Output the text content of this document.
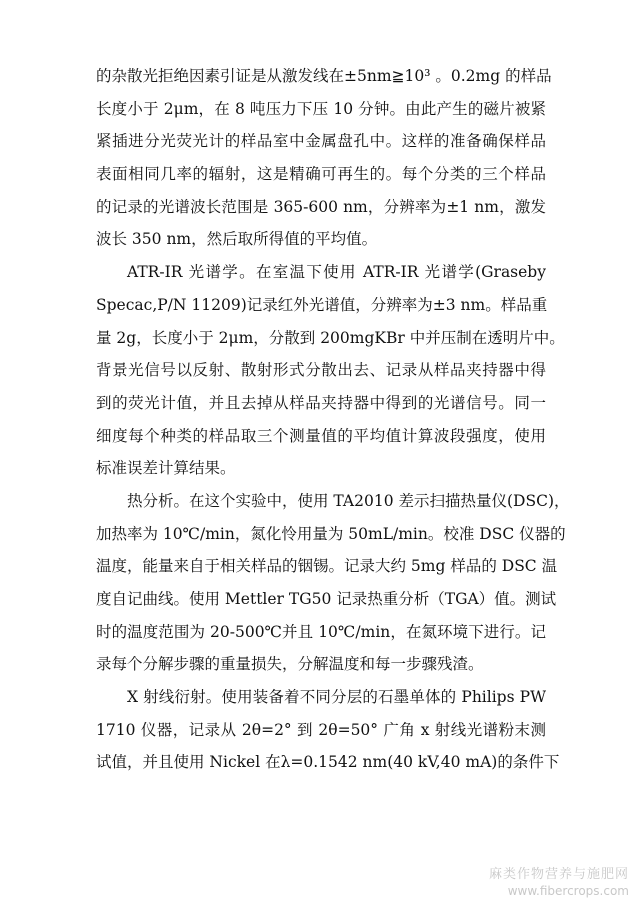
的杂散光拒绝因素引证是从激发线在±5nm≧10³ 。0.2mg 的样品
长度小于 2μm，在 8 吨压力下压 10 分钟。由此产生的磁片被紧
紧插进分光荧光计的样品室中金属盘孔中。这样的准备确保样品
表面相同几率的辐射，这是精确可再生的。每个分类的三个样品
的记录的光谱波长范围是 365-600 nm，分辨率为±1 nm，激发
波长 350 nm，然后取所得值的平均值。
ATR-IR 光谱学。在室温下使用 ATR-IR 光谱学(Graseby
Specac,P/N 11209)记录红外光谱值，分辨率为±3 nm。样品重
量 2g，长度小于 2μm，分散到 200mgKBr 中并压制在透明片中。
背景光信号以反射、散射形式分散出去、记录从样品夹持器中得
到的荧光计值，并且去掉从样品夹持器中得到的光谱信号。同一
细度每个种类的样品取三个测量值的平均值计算波段强度，使用
标准误差计算结果。
热分析。在这个实验中，使用 TA2010 差示扫描热量仪(DSC)，
加热率为 10℃/min，氮化怜用量为 50mL/min。校准 DSC 仪器的
温度，能量来自于相关样品的铟锡。记录大约 5mg 样品的 DSC 温
度自记曲线。使用 Mettler TG50 记录热重分析（TGA）值。测试
时的温度范围为 20-500℃并且 10℃/min，在氮环境下进行。记
录每个分解步骤的重量损失，分解温度和每一步骤残渣。
X 射线衍射。使用装备着不同分层的石墨单体的 Philips PW
1710 仪器，记录从 2θ=2° 到 2θ=50° 广角 x 射线光谱粉末测
试值，并且使用 Nickel 在λ=0.1542 nm(40 kV,40 mA)的条件下
麻类作物营养与施肥网
www.fibercrops.com
